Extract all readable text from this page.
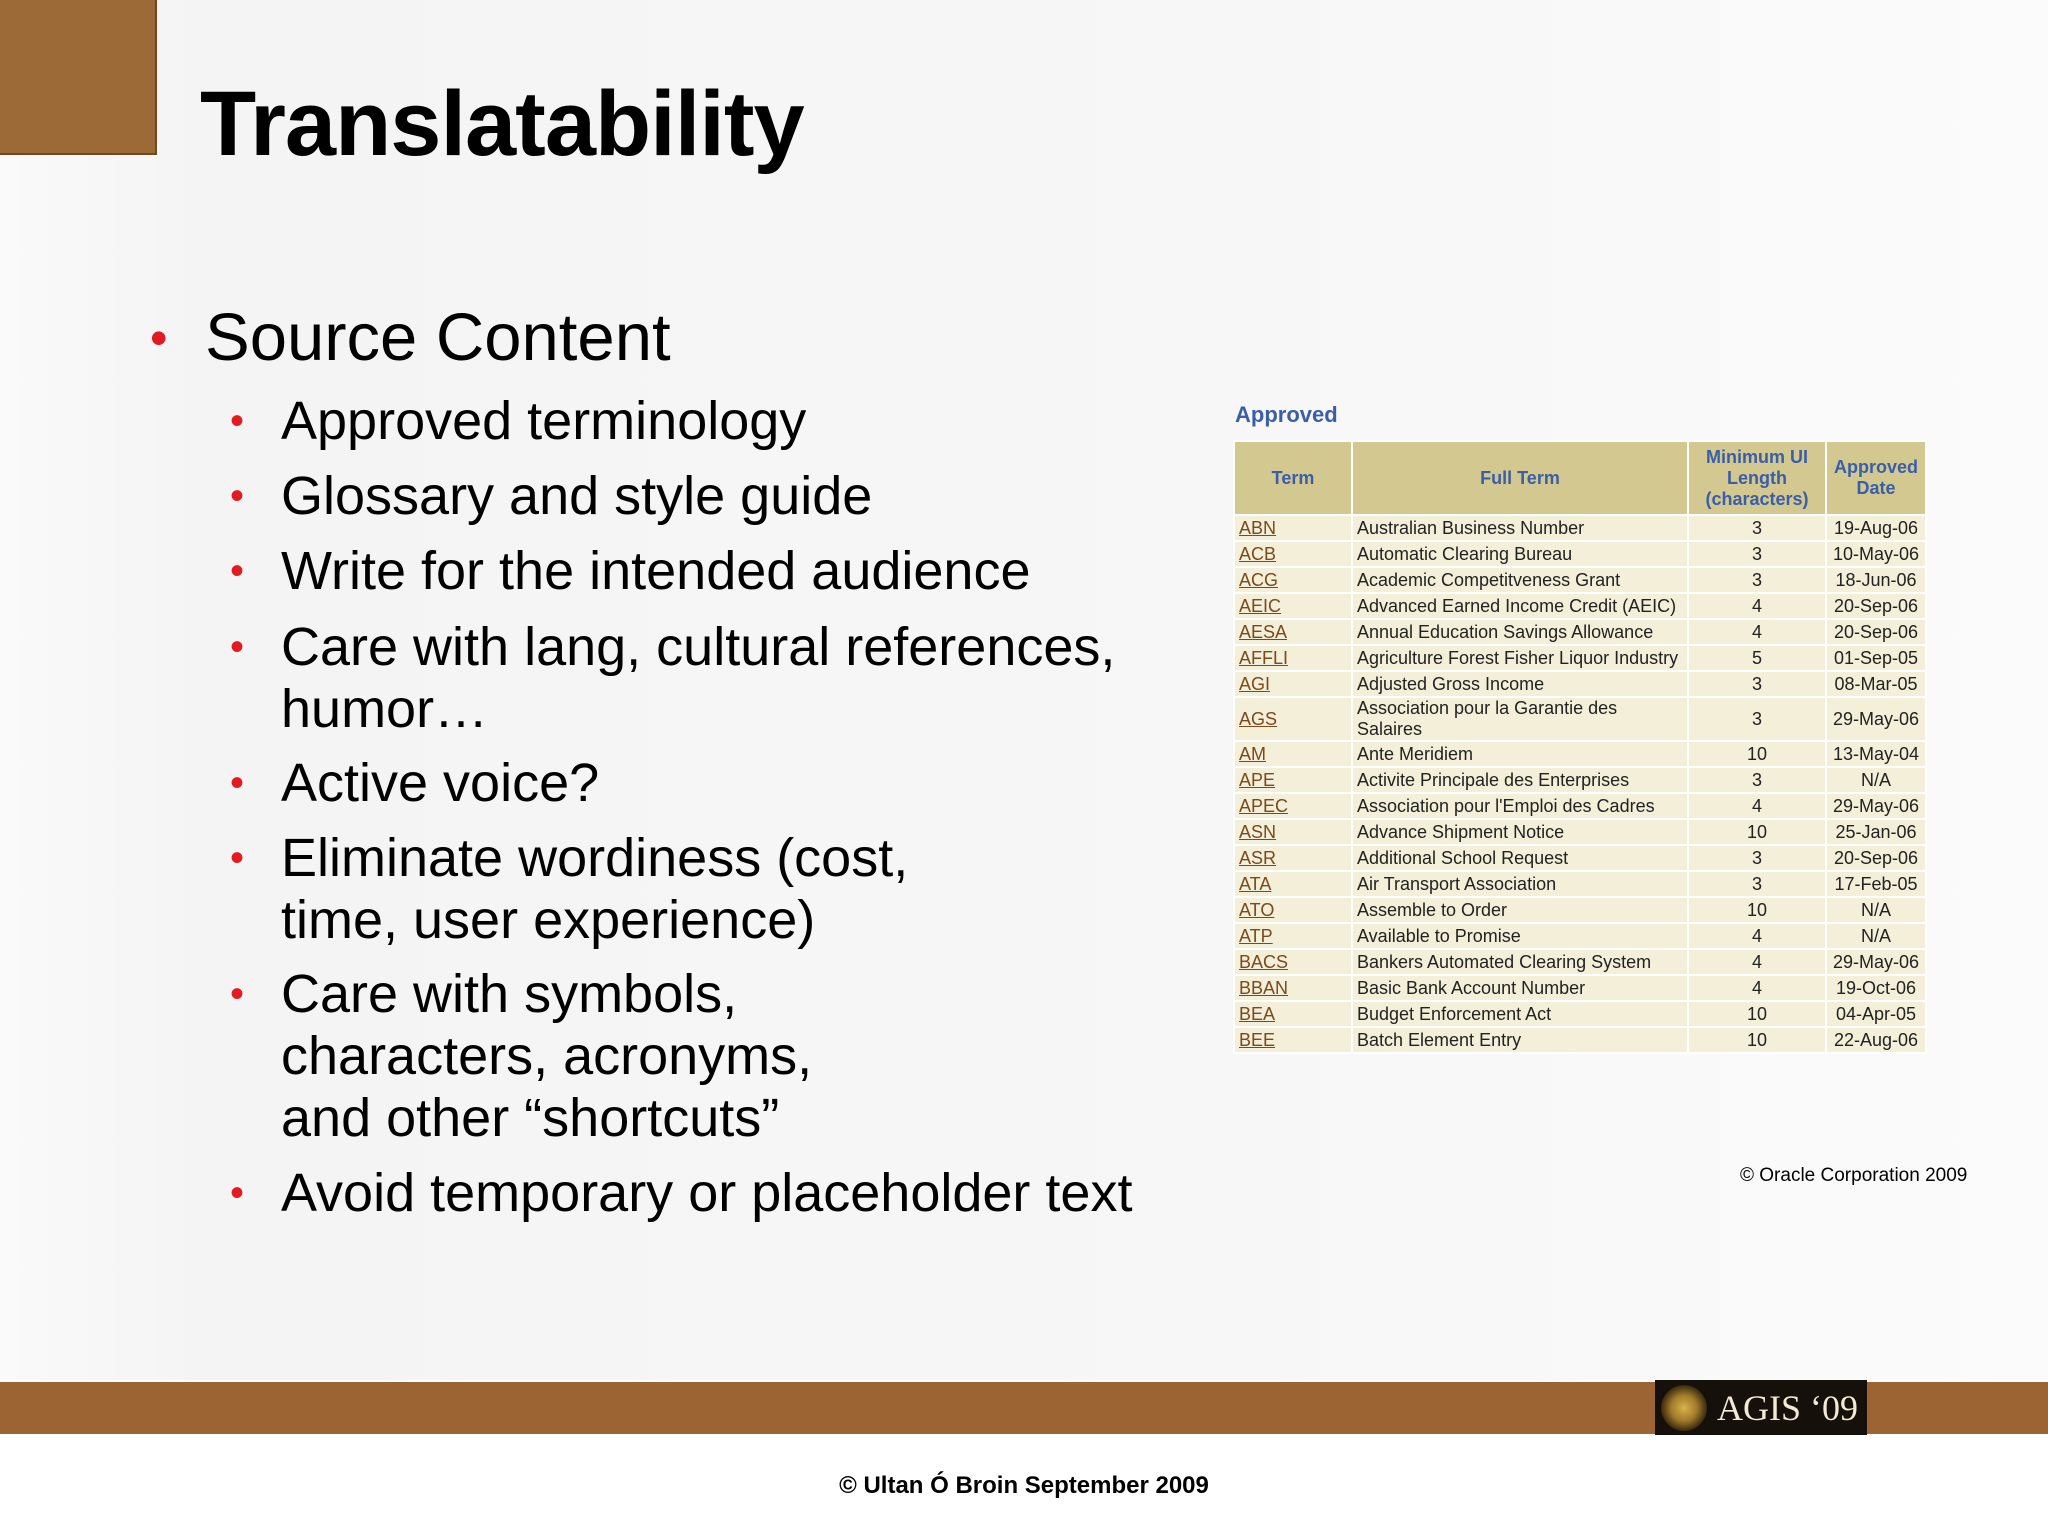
Translatability
• Source Content
• Approved terminology
• Glossary and style guide
• Write for the intended audience
• Care with lang, cultural references,
humor…
• Active voice?
• Eliminate wordiness (cost,
time, user experience)
• Care with symbols,
characters, acronyms,
and other “shortcuts”
• Avoid temporary or placeholder text
Approved
Term	Full Term	Minimum UI Length (characters)	Approved Date
ABN	Australian Business Number	3	19-Aug-06
ACB	Automatic Clearing Bureau	3	10-May-06
ACG	Academic Competitveness Grant	3	18-Jun-06
AEIC	Advanced Earned Income Credit (AEIC)	4	20-Sep-06
AESA	Annual Education Savings Allowance	4	20-Sep-06
AFFLI	Agriculture Forest Fisher Liquor Industry	5	01-Sep-05
AGI	Adjusted Gross Income	3	08-Mar-05
AGS	Association pour la Garantie des Salaires	3	29-May-06
AM	Ante Meridiem	10	13-May-04
APE	Activite Principale des Enterprises	3	N/A
APEC	Association pour l'Emploi des Cadres	4	29-May-06
ASN	Advance Shipment Notice	10	25-Jan-06
ASR	Additional School Request	3	20-Sep-06
ATA	Air Transport Association	3	17-Feb-05
ATO	Assemble to Order	10	N/A
ATP	Available to Promise	4	N/A
BACS	Bankers Automated Clearing System	4	29-May-06
BBAN	Basic Bank Account Number	4	19-Oct-06
BEA	Budget Enforcement Act	10	04-Apr-05
BEE	Batch Element Entry	10	22-Aug-06
© Oracle Corporation 2009
AGIS ‘09
© Ultan Ó Broin September 2009
